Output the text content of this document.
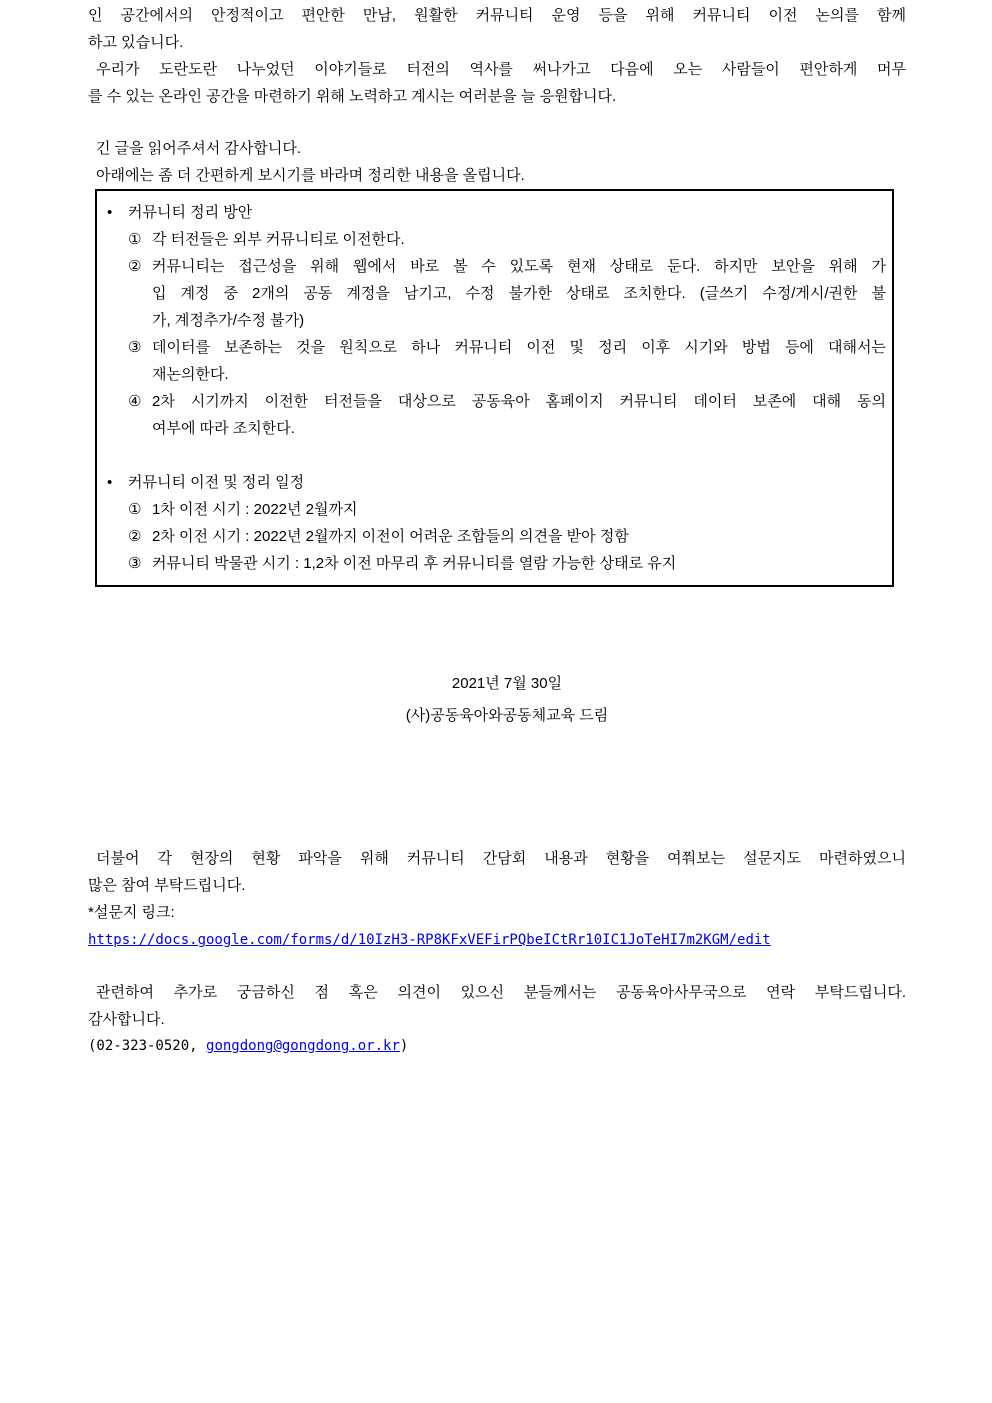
인 공간에서의 안정적이고 편안한 만남, 원활한 커뮤니티 운영 등을 위해 커뮤니티 이전 논의를 함께
하고 있습니다.
우리가 도란도란 나누었던 이야기들로 터전의 역사를 써나가고 다음에 오는 사람들이 편안하게 머무
를 수 있는 온라인 공간을 마련하기 위해 노력하고 계시는 여러분을 늘 응원합니다.
긴 글을 읽어주셔서 감사합니다.
아래에는 좀 더 간편하게 보시기를 바라며 정리한 내용을 올립니다.
•	커뮤니티 정리 방안
① 각 터전들은 외부 커뮤니티로 이전한다.
② 커뮤니티는 접근성을 위해 웹에서 바로 볼 수 있도록 현재 상태로 둔다. 하지만 보안을 위해 가
입 계정 중 2개의 공동 계정을 남기고, 수정 불가한 상태로 조치한다. (글쓰기 수정/게시/권한 불
가, 계정추가/수정 불가)
③ 데이터를 보존하는 것을 원칙으로 하나 커뮤니티 이전 및 정리 이후 시기와 방법 등에 대해서는
재논의한다.
④ 2차 시기까지 이전한 터전들을 대상으로 공동육아 홈페이지 커뮤니티 데이터 보존에 대해 동의
여부에 따라 조치한다.
•	커뮤니티 이전 및 정리 일정
① 1차 이전 시기 : 2022년 2월까지
② 2차 이전 시기 : 2022년 2월까지 이전이 어려운 조합들의 의견을 받아 정함
③ 커뮤니티 박물관 시기 : 1,2차 이전 마무리 후 커뮤니티를 열람 가능한 상태로 유지
2021년 7월 30일
(사)공동육아와공동체교육 드림
더불어 각 현장의 현황 파악을 위해 커뮤니티 간담회 내용과 현황을 여쭤보는 설문지도 마련하였으니
많은 참여 부탁드립니다.
*설문지 링크:
https://docs.google.com/forms/d/10IzH3-RP8KFxVEFirPQbeICtRr10IC1JoTeHI7m2KGM/edit
관련하여 추가로 궁금하신 점 혹은 의견이 있으신 분들께서는 공동육아사무국으로 연락 부탁드립니다.
감사합니다.
(02-323-0520, gongdong@gongdong.or.kr)
